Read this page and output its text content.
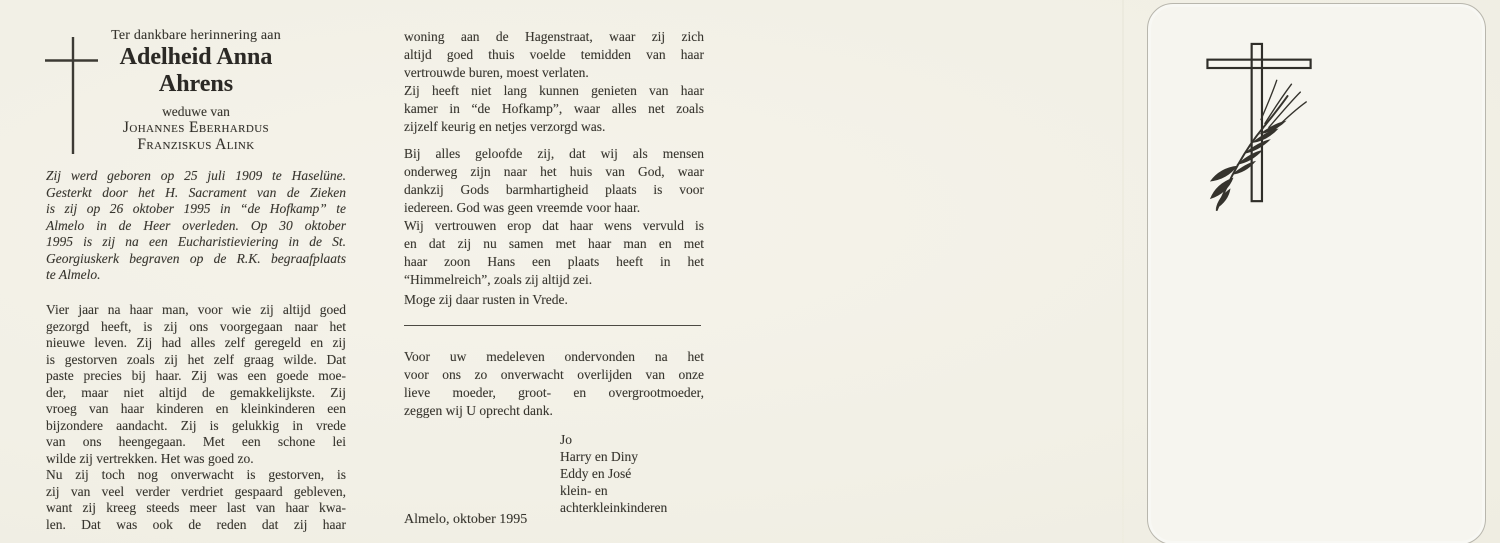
Ter dankbare herinnering aan
Adelheid Anna
Ahrens
weduwe van
Johannes Eberhardus
Franziskus Alink
Zij werd geboren op 25 juli 1909 te Haselüne.
Gesterkt door het H. Sacrament van de Zieken
is zij op 26 oktober 1995 in “de Hofkamp” te
Almelo in de Heer overleden. Op 30 oktober
1995 is zij na een Eucharistieviering in de St.
Georgiuskerk begraven op de R.K. begraafplaats
te Almelo.
Vier jaar na haar man, voor wie zij altijd goed
gezorgd heeft, is zij ons voorgegaan naar het
nieuwe leven. Zij had alles zelf geregeld en zij
is gestorven zoals zij het zelf graag wilde. Dat
paste precies bij haar. Zij was een goede moe-
der, maar niet altijd de gemakkelijkste. Zij
vroeg van haar kinderen en kleinkinderen een
bijzondere aandacht. Zij is gelukkig in vrede
van ons heengegaan. Met een schone lei
wilde zij vertrekken. Het was goed zo.
Nu zij toch nog onverwacht is gestorven, is
zij van veel verder verdriet gespaard gebleven,
want zij kreeg steeds meer last van haar kwa-
len. Dat was ook de reden dat zij haar
woning aan de Hagenstraat, waar zij zich
altijd goed thuis voelde temidden van haar
vertrouwde buren, moest verlaten.
Zij heeft niet lang kunnen genieten van haar
kamer in “de Hofkamp”, waar alles net zoals
zijzelf keurig en netjes verzorgd was.
Bij alles geloofde zij, dat wij als mensen
onderweg zijn naar het huis van God, waar
dankzij Gods barmhartigheid plaats is voor
iedereen. God was geen vreemde voor haar.
Wij vertrouwen erop dat haar wens vervuld is
en dat zij nu samen met haar man en met
haar zoon Hans een plaats heeft in het
“Himmelreich”, zoals zij altijd zei.
Moge zij daar rusten in Vrede.
Voor uw medeleven ondervonden na het
voor ons zo onverwacht overlijden van onze
lieve moeder, groot- en overgrootmoeder,
zeggen wij U oprecht dank.
Jo
Harry en Diny
Eddy en José
klein- en
achterkleinkinderen
Almelo, oktober 1995
